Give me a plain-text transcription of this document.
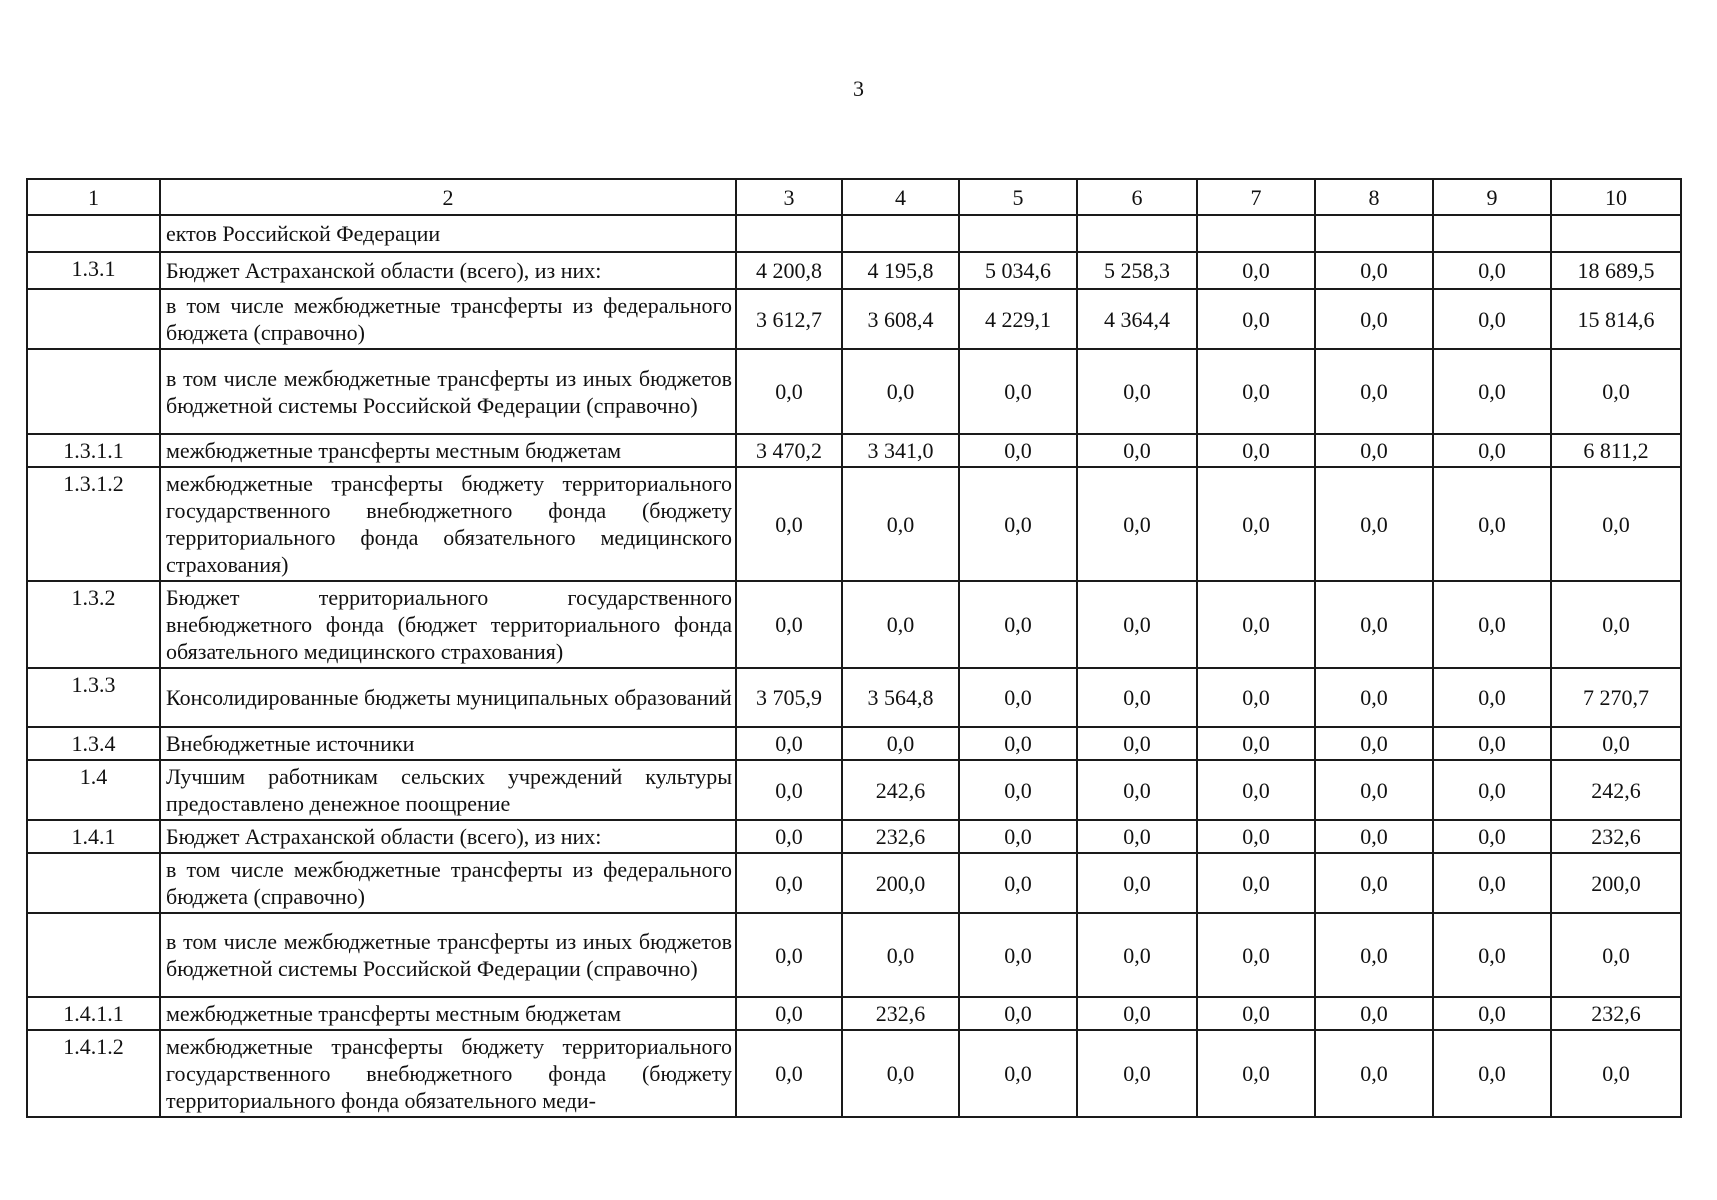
3
1	2	3	4	5	6	7	8	9	10
	ектов Российской Федерации								
1.3.1	Бюджет Астраханской области (всего), из них:	4 200,8	4 195,8	5 034,6	5 258,3	0,0	0,0	0,0	18 689,5
	в том числе межбюджетные трансферты из федерального бюджета (справочно)	3 612,7	3 608,4	4 229,1	4 364,4	0,0	0,0	0,0	15 814,6
	в том числе межбюджетные трансферты из иных бюджетов бюджетной системы Российской Федерации (справочно)	0,0	0,0	0,0	0,0	0,0	0,0	0,0	0,0
1.3.1.1	межбюджетные трансферты местным бюджетам	3 470,2	3 341,0	0,0	0,0	0,0	0,0	0,0	6 811,2
1.3.1.2	межбюджетные трансферты бюджету территориального государственного внебюджетного фонда (бюджету территориального фонда обязательного медицинского страхования)	0,0	0,0	0,0	0,0	0,0	0,0	0,0	0,0
1.3.2	Бюджет территориального государственного внебюджетного фонда (бюджет территориального фонда обязательного медицинского страхования)	0,0	0,0	0,0	0,0	0,0	0,0	0,0	0,0
1.3.3	Консолидированные бюджеты муниципальных образований	3 705,9	3 564,8	0,0	0,0	0,0	0,0	0,0	7 270,7
1.3.4	Внебюджетные источники	0,0	0,0	0,0	0,0	0,0	0,0	0,0	0,0
1.4	Лучшим работникам сельских учреждений культуры предоставлено денежное поощрение	0,0	242,6	0,0	0,0	0,0	0,0	0,0	242,6
1.4.1	Бюджет Астраханской области (всего), из них:	0,0	232,6	0,0	0,0	0,0	0,0	0,0	232,6
	в том числе межбюджетные трансферты из федерального бюджета (справочно)	0,0	200,0	0,0	0,0	0,0	0,0	0,0	200,0
	в том числе межбюджетные трансферты из иных бюджетов бюджетной системы Российской Федерации (справочно)	0,0	0,0	0,0	0,0	0,0	0,0	0,0	0,0
1.4.1.1	межбюджетные трансферты местным бюджетам	0,0	232,6	0,0	0,0	0,0	0,0	0,0	232,6
1.4.1.2	межбюджетные трансферты бюджету территориального государственного внебюджетного фонда (бюджету территориального фонда обязательного меди-	0,0	0,0	0,0	0,0	0,0	0,0	0,0	0,0
